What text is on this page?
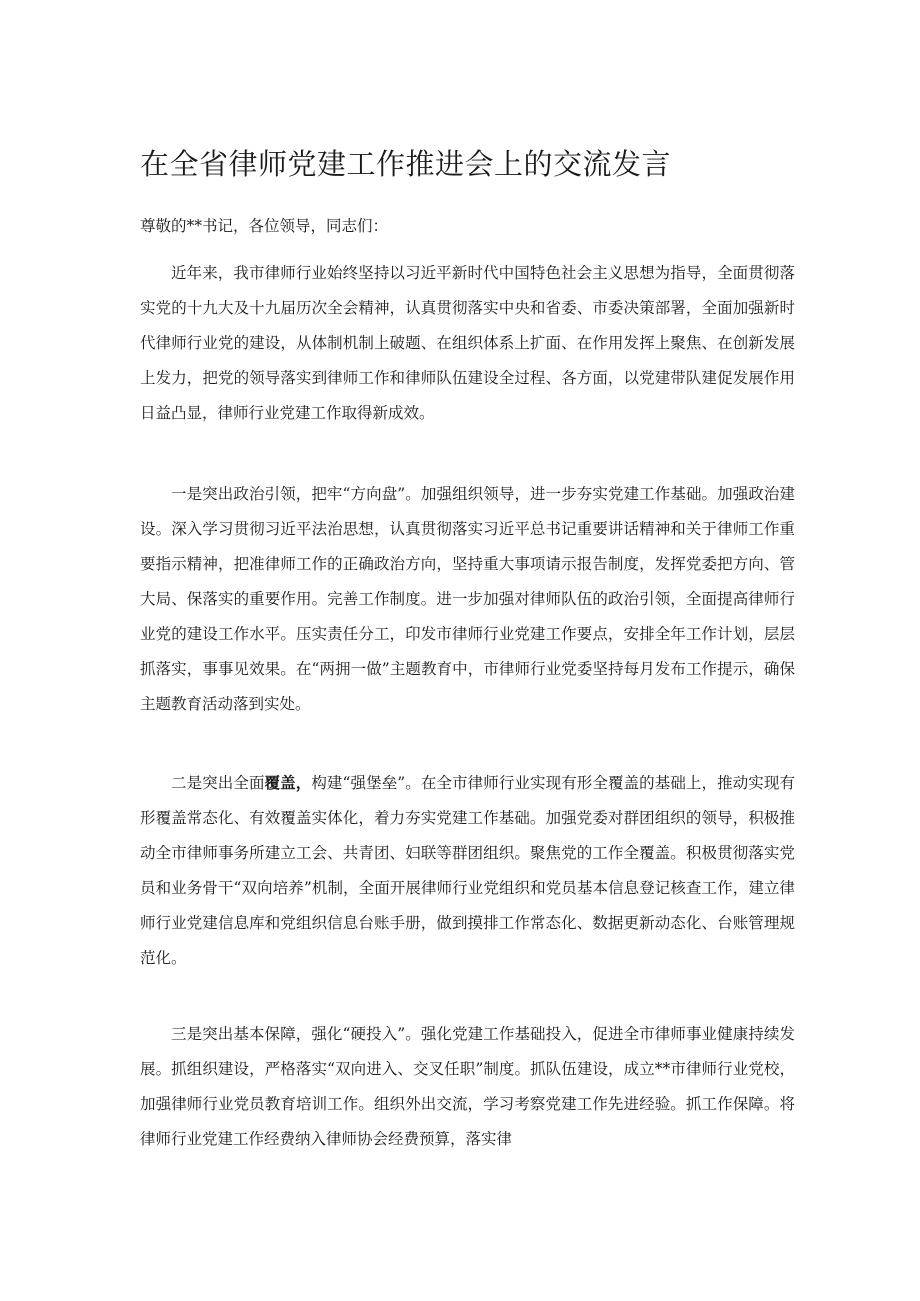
在全省律师党建工作推进会上的交流发言

尊敬的**书记，各位领导，同志们：

近年来，我市律师行业始终坚持以习近平新时代中国特色社会主义思想为指导，全面贯彻落实党的十九大及十九届历次全会精神，认真贯彻落实中央和省委、市委决策部署，全面加强新时代律师行业党的建设，从体制机制上破题、在组织体系上扩面、在作用发挥上聚焦、在创新发展上发力，把党的领导落实到律师工作和律师队伍建设全过程、各方面，以党建带队建促发展作用日益凸显，律师行业党建工作取得新成效。

一是突出政治引领，把牢“方向盘”。加强组织领导，进一步夯实党建工作基础。加强政治建设。深入学习贯彻习近平法治思想，认真贯彻落实习近平总书记重要讲话精神和关于律师工作重要指示精神，把准律师工作的正确政治方向，坚持重大事项请示报告制度，发挥党委把方向、管大局、保落实的重要作用。完善工作制度。进一步加强对律师队伍的政治引领，全面提高律师行业党的建设工作水平。压实责任分工，印发市律师行业党建工作要点，安排全年工作计划，层层抓落实，事事见效果。在“两拥一做”主题教育中，市律师行业党委坚持每月发布工作提示，确保主题教育活动落到实处。

二是突出全面覆盖，构建“强堡垒”。在全市律师行业实现有形全覆盖的基础上，推动实现有形覆盖常态化、有效覆盖实体化，着力夯实党建工作基础。加强党委对群团组织的领导，积极推动全市律师事务所建立工会、共青团、妇联等群团组织。聚焦党的工作全覆盖。积极贯彻落实党员和业务骨干“双向培养”机制，全面开展律师行业党组织和党员基本信息登记核查工作，建立律师行业党建信息库和党组织信息台账手册，做到摸排工作常态化、数据更新动态化、台账管理规范化。

三是突出基本保障，强化“硬投入”。强化党建工作基础投入，促进全市律师事业健康持续发展。抓组织建设，严格落实“双向进入、交叉任职”制度。抓队伍建设，成立**市律师行业党校，加强律师行业党员教育培训工作。组织外出交流，学习考察党建工作先进经验。抓工作保障。将律师行业党建工作经费纳入律师协会经费预算，落实律
